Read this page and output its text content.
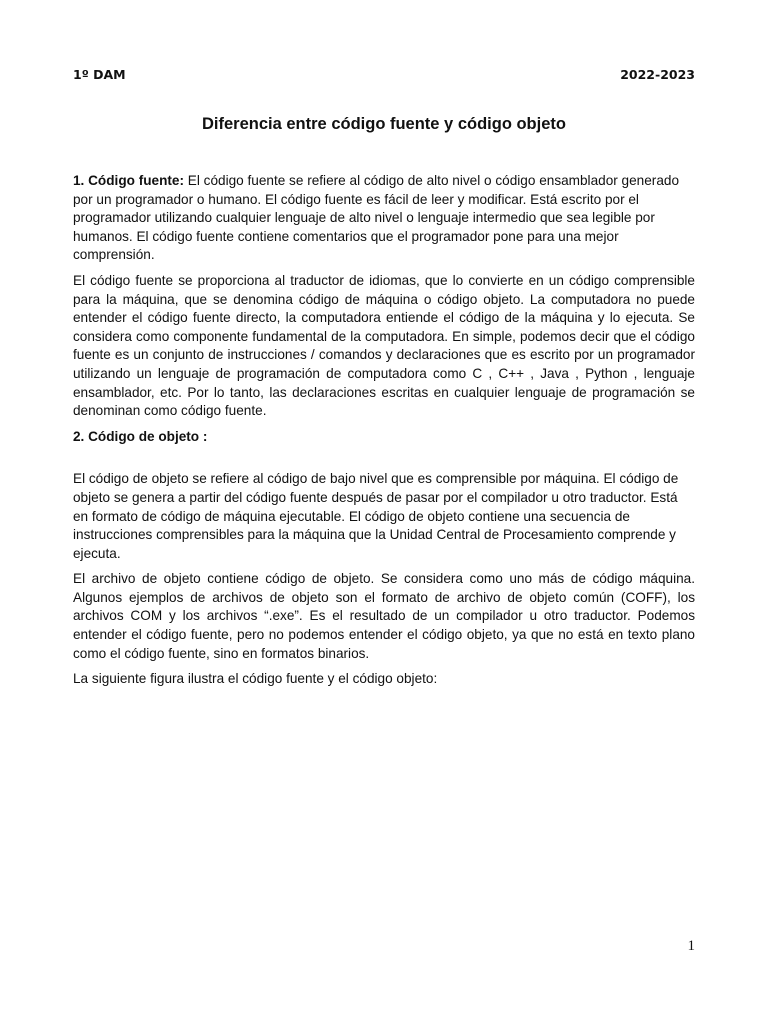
1º DAM	2022-2023
Diferencia entre código fuente y código objeto

1. Código fuente: El código fuente se refiere al código de alto nivel o código ensamblador generado por un programador o humano. El código fuente es fácil de leer y modificar. Está escrito por el programador utilizando cualquier lenguaje de alto nivel o lenguaje intermedio que sea legible por humanos. El código fuente contiene comentarios que el programador pone para una mejor comprensión.

El código fuente se proporciona al traductor de idiomas, que lo convierte en un código comprensible para la máquina, que se denomina código de máquina o código objeto. La computadora no puede entender el código fuente directo, la computadora entiende el código de la máquina y lo ejecuta. Se considera como componente fundamental de la computadora. En simple, podemos decir que el código fuente es un conjunto de instrucciones / comandos y declaraciones que es escrito por un programador utilizando un lenguaje de programación de computadora como C , C++ , Java , Python , lenguaje ensamblador, etc. Por lo tanto, las declaraciones escritas en cualquier lenguaje de programación se denominan como código fuente.

2. Código de objeto :

El código de objeto se refiere al código de bajo nivel que es comprensible por máquina. El código de objeto se genera a partir del código fuente después de pasar por el compilador u otro traductor. Está en formato de código de máquina ejecutable. El código de objeto contiene una secuencia de instrucciones comprensibles para la máquina que la Unidad Central de Procesamiento comprende y ejecuta.

El archivo de objeto contiene código de objeto. Se considera como uno más de código máquina. Algunos ejemplos de archivos de objeto son el formato de archivo de objeto común (COFF), los archivos COM y los archivos “.exe”. Es el resultado de un compilador u otro traductor. Podemos entender el código fuente, pero no podemos entender el código objeto, ya que no está en texto plano como el código fuente, sino en formatos binarios.

La siguiente figura ilustra el código fuente y el código objeto:

1
